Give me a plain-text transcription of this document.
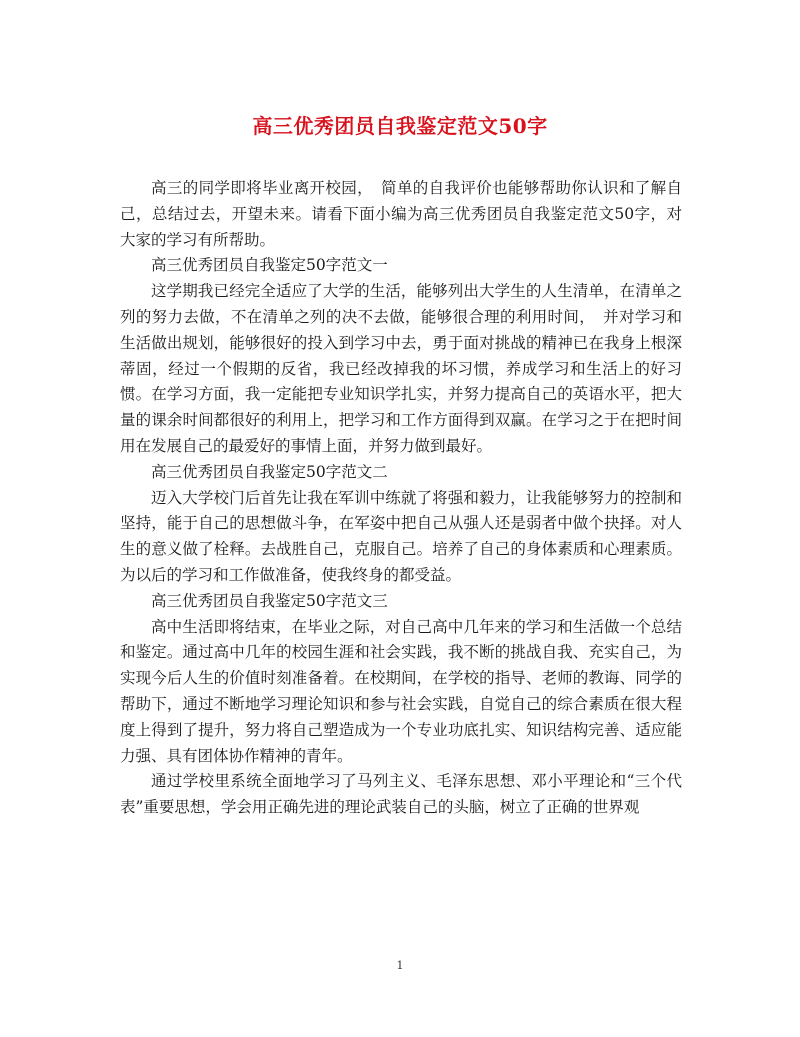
高三优秀团员自我鉴定范文50字

高三的同学即将毕业离开校园，　简单的自我评价也能够帮助你认识和了解自己，总结过去，开望未来。请看下面小编为高三优秀团员自我鉴定范文50字，对大家的学习有所帮助。

高三优秀团员自我鉴定50字范文一

这学期我已经完全适应了大学的生活，能够列出大学生的人生清单，在清单之列的努力去做，不在清单之列的决不去做，能够很合理的利用时间，　并对学习和生活做出规划，能够很好的投入到学习中去，勇于面对挑战的精神已在我身上根深蒂固，经过一个假期的反省，我已经改掉我的坏习惯，养成学习和生活上的好习惯。在学习方面，我一定能把专业知识学扎实，并努力提高自己的英语水平，把大量的课余时间都很好的利用上，把学习和工作方面得到双赢。在学习之于在把时间用在发展自己的最爱好的事情上面，并努力做到最好。

高三优秀团员自我鉴定50字范文二

迈入大学校门后首先让我在军训中练就了将强和毅力，让我能够努力的控制和坚持，能于自己的思想做斗争，在军姿中把自己从强人还是弱者中做个抉择。对人生的意义做了栓释。去战胜自己，克服自己。培养了自己的身体素质和心理素质。为以后的学习和工作做准备，使我终身的都受益。

高三优秀团员自我鉴定50字范文三

高中生活即将结束，在毕业之际，对自己高中几年来的学习和生活做一个总结和鉴定。通过高中几年的校园生涯和社会实践，我不断的挑战自我、充实自己，为实现今后人生的价值时刻准备着。在校期间，在学校的指导、老师的教诲、同学的帮助下，通过不断地学习理论知识和参与社会实践，自觉自己的综合素质在很大程度上得到了提升，努力将自己塑造成为一个专业功底扎实、知识结构完善、适应能力强、具有团体协作精神的青年。

通过学校里系统全面地学习了马列主义、毛泽东思想、邓小平理论和“三个代表”重要思想，学会用正确先进的理论武装自己的头脑，树立了正确的世界观

1
